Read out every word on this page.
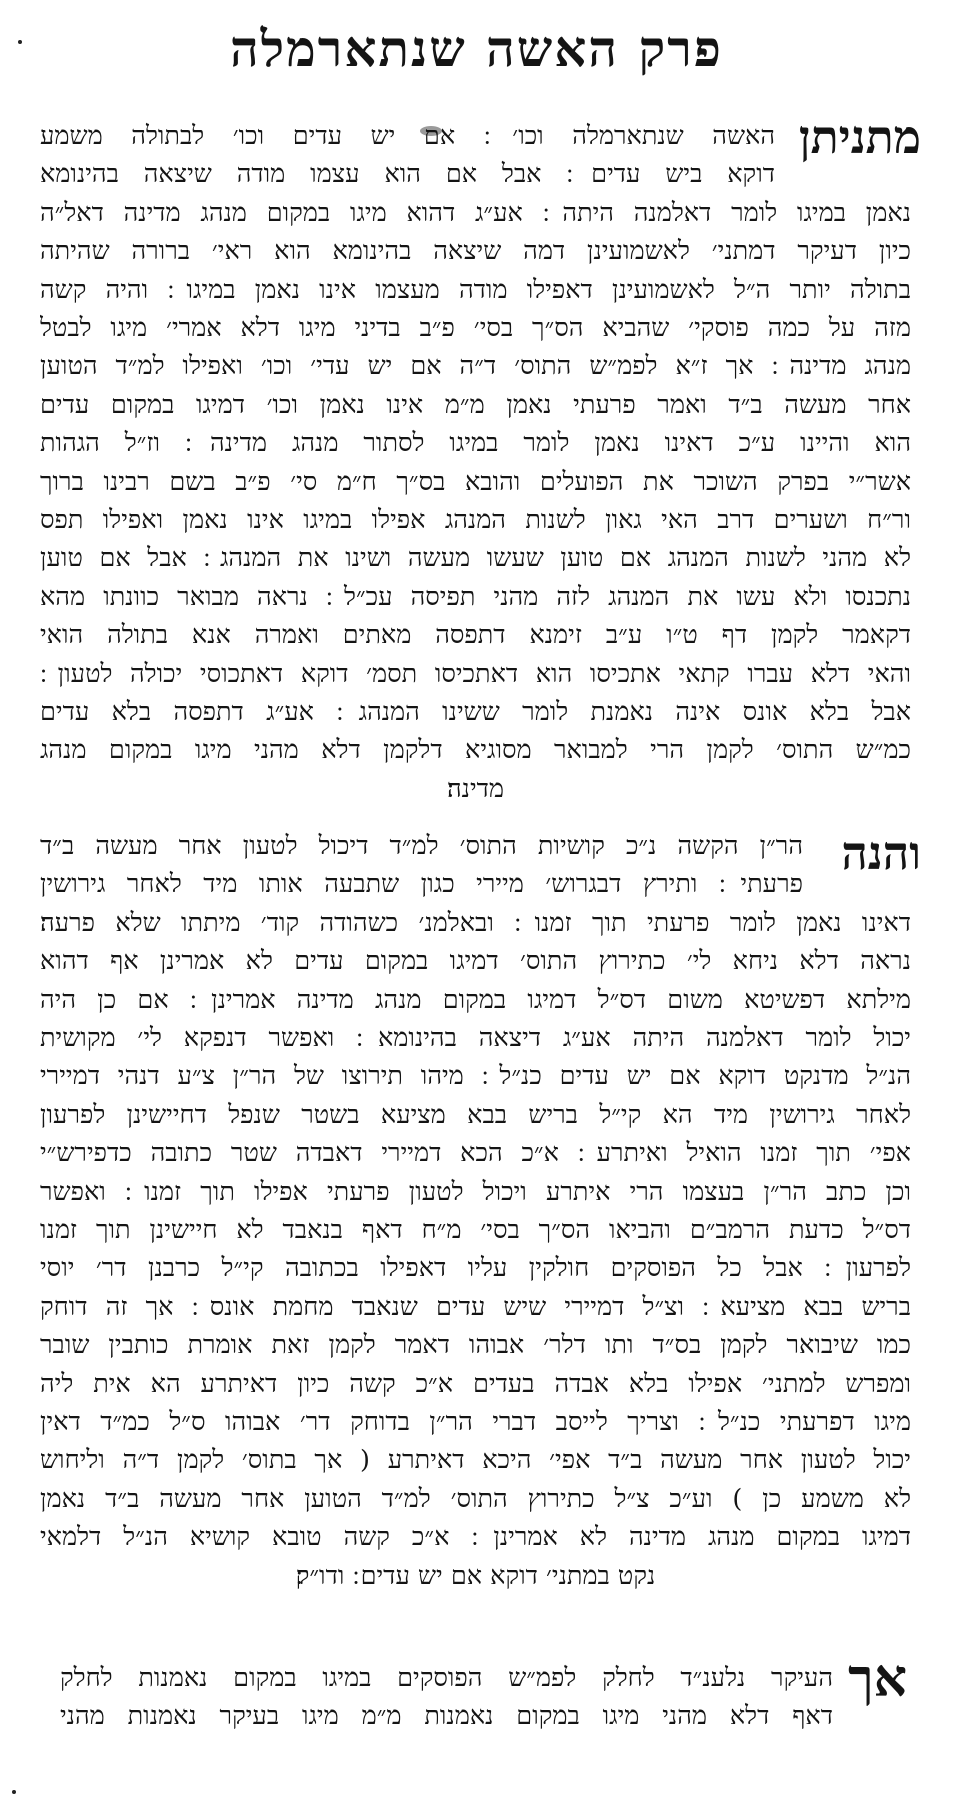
פרק האשה שנתארמלה
מתניתן
והנה
אך
האשה שנתארמלה וכו׳ ׃ אם יש עדים וכו׳ לבתולה משמע
דוקא ביש עדים ׃ אבל אם הוא עצמו מודה שיצאה בהינומא
נאמן במיגו לומר דאלמנה היתה ׃ אע״ג דהוא מיגו במקום מנהג מדינה דאל״ה
כיון דעיקר דמתני׳ לאשמועינן דמה שיצאה בהינומא הוא ראי׳ ברורה שהיתה
בתולה יותר ה״ל לאשמועינן דאפילו מודה מעצמו אינו נאמן במיגו ׃ והיה קשה
מזה על כמה פוסקי׳ שהביא הס״ך בסי׳ פ״ב בדיני מיגו דלא אמרי׳ מיגו לבטל
מנהג מדינה ׃ אך ז״א לפמ״ש התוס׳ ד״ה אם יש עדי׳ וכו׳ ואפילו למ״ד הטוען
אחר מעשה ב״ד ואמר פרעתי נאמן מ״מ אינו נאמן וכו׳ דמיגו במקום עדים
הוא והיינו ע״כ דאינו נאמן לומר במיגו לסתור מנהג מדינה ׃ וז״ל הגהות
אשר״י בפרק השוכר את הפועלים והובא בס״ך ח״מ סי׳ פ״ב בשם רבינו ברוך
ור״ח ושערים דרב האי גאון לשנות המנהג אפילו במיגו אינו נאמן ואפילו תפס
לא מהני לשנות המנהג אם טוען שעשו מעשה ושינו את המנהג ׃ אבל אם טוען
נתכנסו ולא עשו את המנהג לזה מהני תפיסה עכ״ל ׃ נראה מבואר כוונתו מהא
דקאמר לקמן דף ט״ו ע״ב זימנא דתפסה מאתים ואמרה אנא בתולה הואי
והאי דלא עברו קתאי אתכיסו הוא דאתכיסו תסמ׳ דוקא דאתכוסי יכולה לטעון ׃
אבל בלא אונס אינה נאמנת לומר ששינו המנהג ׃ אע״ג דתפסה בלא עדים
כמ״ש התוס׳ לקמן הרי למבואר מסוגיא דלקמן דלא מהני מיגו במקום מנהג
מדינה׃
הר״ן הקשה נ״כ קושיות התוס׳ למ״ד דיכול לטעון אחר מעשה ב״ד
פרעתי ׃ ותירץ דבגרוש׳ מיירי כגון שתבעה אותו מיד לאחר גירושין
דאינו נאמן לומר פרעתי תוך זמנו ׃ ובאלמנ׳ כשהודה קוד׳ מיתתו שלא פרעה׃
נראה דלא ניחא לי׳ כתירוץ התוס׳ דמיגו במקום עדים לא אמרינן אף דהוא
מילתא דפשיטא משום דס״ל דמיגו במקום מנהג מדינה אמרינן ׃ אם כן היה
יכול לומר דאלמנה היתה אע״ג דיצאה בהינומא ׃ ואפשר דנפקא לי׳ מקושית
הנ״ל מדנקט דוקא אם יש עדים כנ״ל ׃ מיהו תירוצו של הר״ן צ״ע דנהי דמיירי
לאחר גירושין מיד הא קי״ל בריש בבא מציעא בשטר שנפל דחיישינן לפרעון
אפי׳ תוך זמנו הואיל ואיתרע ׃ א״כ הכא דמיירי דאבדה שטר כתובה כדפירש״י
וכן כתב הר״ן בעצמו הרי איתרע ויכול לטעון פרעתי אפילו תוך זמנו ׃ ואפשר
דס״ל כדעת הרמב״ם והביאו הס״ך בסי׳ מ״ח דאף בנאבד לא חיישינן תוך זמנו
לפרעון ׃ אבל כל הפוסקים חולקין עליו דאפילו בכתובה קי״ל כרבנן דר׳ יוסי
בריש בבא מציעא ׃ וצ״ל דמיירי שיש עדים שנאבד מחמת אונס ׃ אך זה דוחק
כמו שיבואר לקמן בס״ד ותו דלר׳ אבוהו דאמר לקמן זאת אומרת כותבין שובר
ומפרש למתני׳ אפילו בלא אבדה בעדים א״כ קשה כיון דאיתרע הא אית ליה
מיגו דפרעתי כנ״ל ׃ וצריך לייסב דברי הר״ן בדוחק דר׳ אבוהו ס״ל כמ״ד דאין
יכול לטעון אחר מעשה ב״ד אפי׳ היכא דאיתרע ( אך בתוס׳ לקמן ד״ה וליחוש
לא משמע כן ) וע״כ צ״ל כתירוץ התוס׳ למ״ד הטוען אחר מעשה ב״ד נאמן
דמיגו במקום מנהג מדינה לא אמרינן ׃ א״כ קשה טובא קושיא הנ״ל דלמאי
נקט במתני׳ דוקא אם יש עדים ׃ ודו״ק׃
העיקר נלענ״ד לחלק לפמ״ש הפוסקים במיגו במקום נאמנות לחלק
דאף דלא מהני מיגו במקום נאמנות מ״מ מיגו בעיקר נאמנות מהני
